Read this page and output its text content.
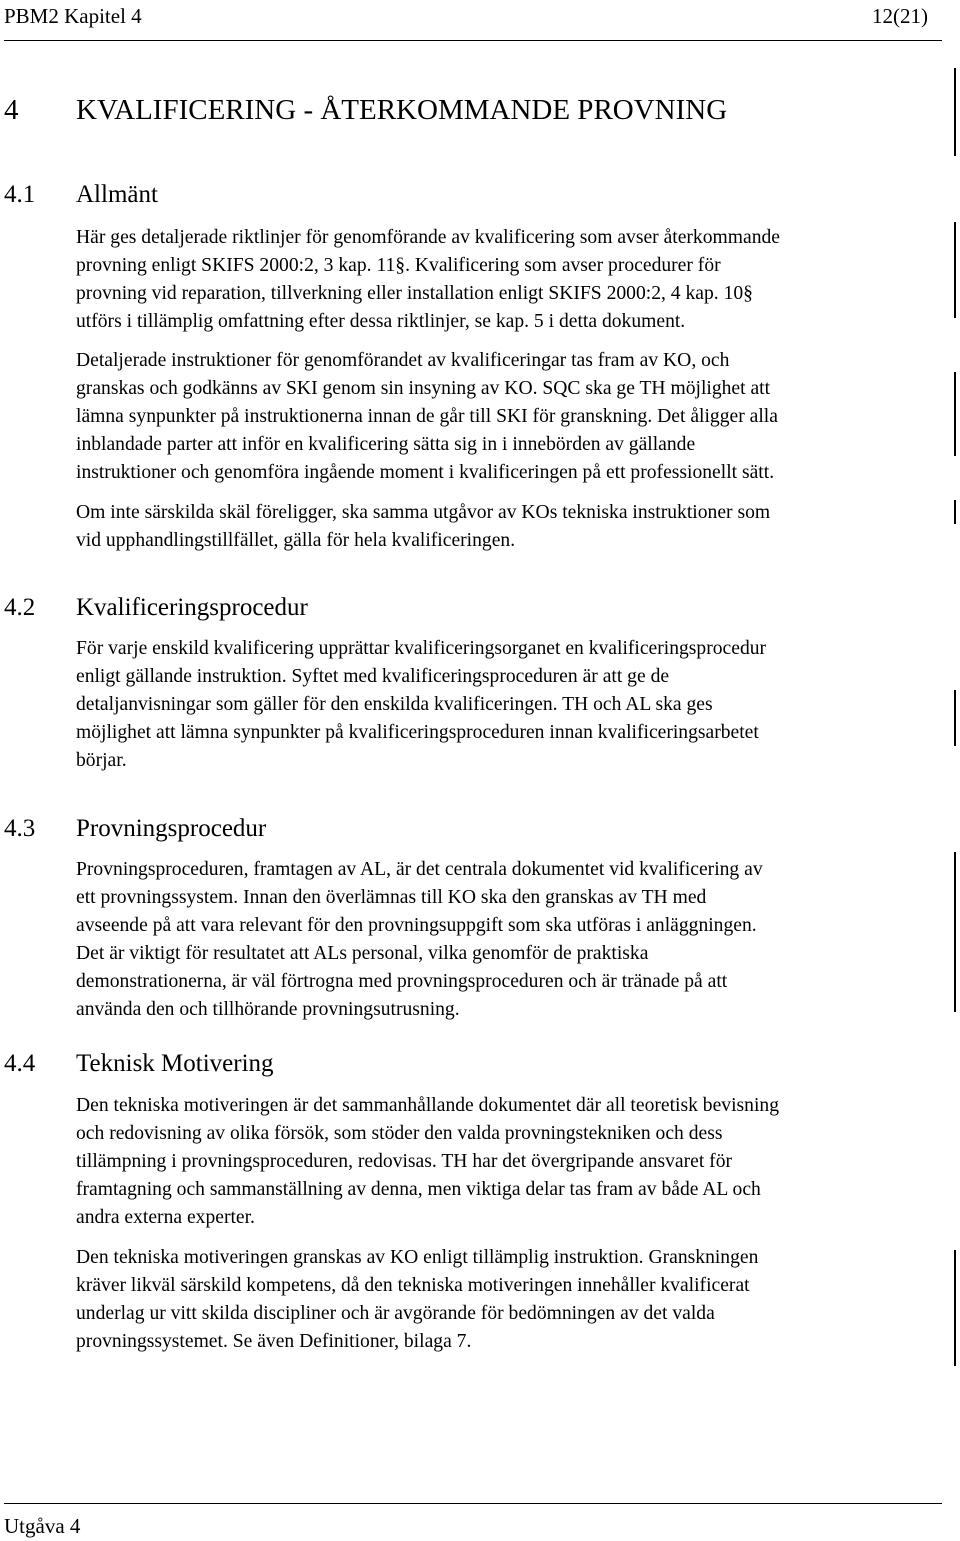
PBM2 Kapitel 4	12(21)
4 KVALIFICERING - ÅTERKOMMANDE PROVNING
4.1 Allmänt
Här ges detaljerade riktlinjer för genomförande av kvalificering som avser återkommande
provning enligt SKIFS 2000:2, 3 kap. 11§. Kvalificering som avser procedurer för
provning vid reparation, tillverkning eller installation enligt SKIFS 2000:2, 4 kap. 10§
utförs i tillämplig omfattning efter dessa riktlinjer, se kap. 5 i detta dokument.
Detaljerade instruktioner för genomförandet av kvalificeringar tas fram av KO, och
granskas och godkänns av SKI genom sin insyning av KO. SQC ska ge TH möjlighet att
lämna synpunkter på instruktionerna innan de går till SKI för granskning. Det åligger alla
inblandade parter att inför en kvalificering sätta sig in i innebörden av gällande
instruktioner och genomföra ingående moment i kvalificeringen på ett professionellt sätt.
Om inte särskilda skäl föreligger, ska samma utgåvor av KOs tekniska instruktioner som
vid upphandlingstillfället, gälla för hela kvalificeringen.
4.2 Kvalificeringsprocedur
För varje enskild kvalificering upprättar kvalificeringsorganet en kvalificeringsprocedur
enligt gällande instruktion. Syftet med kvalificeringsproceduren är att ge de
detaljanvisningar som gäller för den enskilda kvalificeringen. TH och AL ska ges
möjlighet att lämna synpunkter på kvalificeringsproceduren innan kvalificeringsarbetet
börjar.
4.3 Provningsprocedur
Provningsproceduren, framtagen av AL, är det centrala dokumentet vid kvalificering av
ett provningssystem. Innan den överlämnas till KO ska den granskas av TH med
avseende på att vara relevant för den provningsuppgift som ska utföras i anläggningen.
Det är viktigt för resultatet att ALs personal, vilka genomför de praktiska
demonstrationerna, är väl förtrogna med provningsproceduren och är tränade på att
använda den och tillhörande provningsutrusning.
4.4 Teknisk Motivering
Den tekniska motiveringen är det sammanhållande dokumentet där all teoretisk bevisning
och redovisning av olika försök, som stöder den valda provningstekniken och dess
tillämpning i provningsproceduren, redovisas. TH har det övergripande ansvaret för
framtagning och sammanställning av denna, men viktiga delar tas fram av både AL och
andra externa experter.
Den tekniska motiveringen granskas av KO enligt tillämplig instruktion. Granskningen
kräver likväl särskild kompetens, då den tekniska motiveringen innehåller kvalificerat
underlag ur vitt skilda discipliner och är avgörande för bedömningen av det valda
provningssystemet. Se även Definitioner, bilaga 7.
Utgåva 4
